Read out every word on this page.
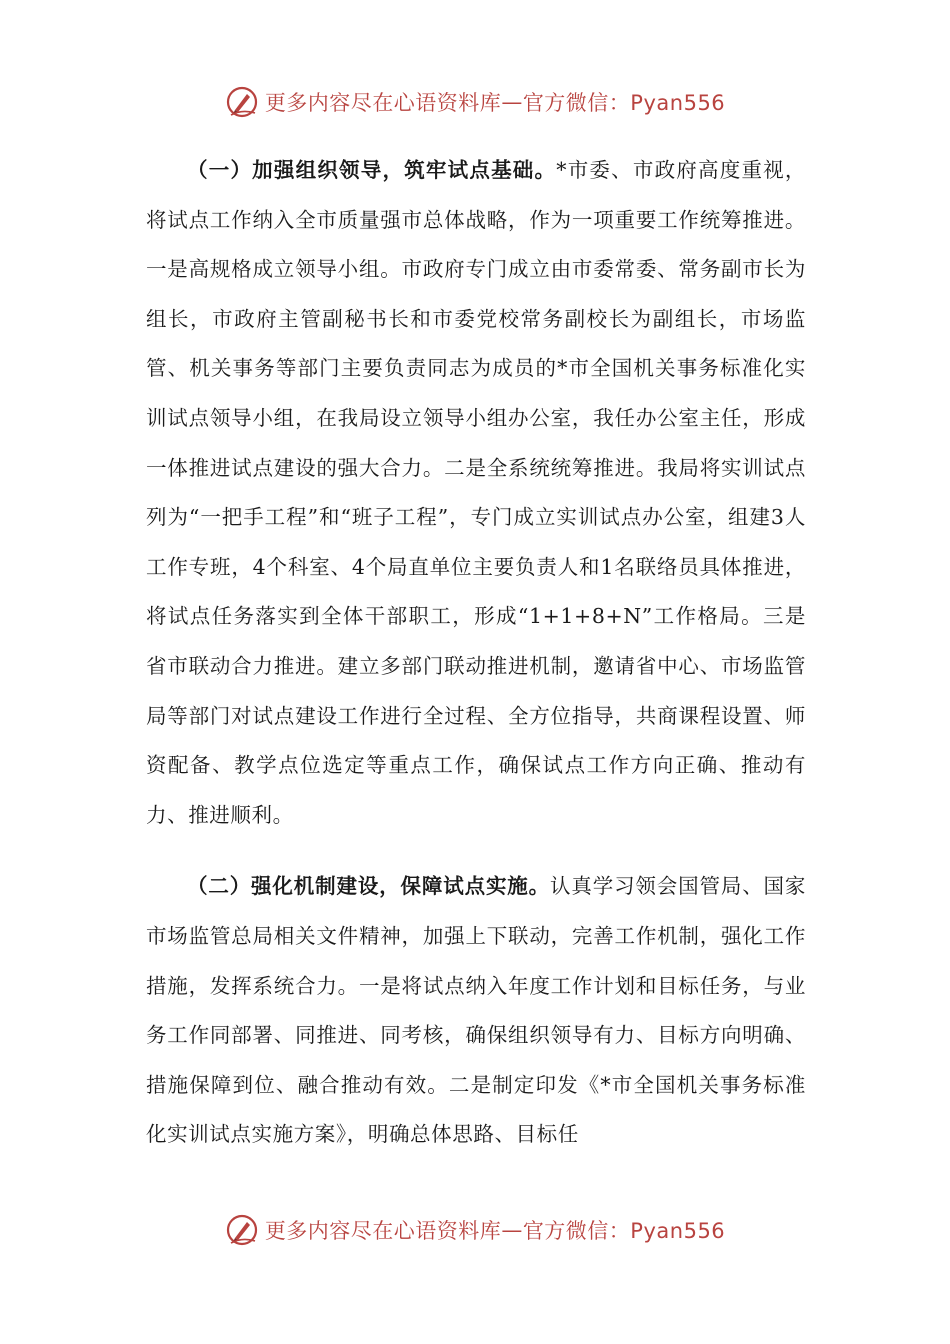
更多内容尽在心语资料库 — 官方微信：Pyan556

（一）加强组织领导，筑牢试点基础。*市委、市政府高度重视，将试点工作纳入全市质量强市总体战略，作为一项重要工作统筹推进。一是高规格成立领导小组。市政府专门成立由市委常委、常务副市长为组长，市政府主管副秘书长和市委党校常务副校长为副组长，市场监管、机关事务等部门主要负责同志为成员的*市全国机关事务标准化实训试点领导小组，在我局设立领导小组办公室，我任办公室主任，形成一体推进试点建设的强大合力。二是全系统统筹推进。我局将实训试点列为“一把手工程”和“班子工程”，专门成立实训试点办公室，组建3人工作专班，4个科室、4个局直单位主要负责人和1名联络员具体推进，将试点任务落实到全体干部职工，形成“1+1+8+N”工作格局。三是省市联动合力推进。建立多部门联动推进机制，邀请省中心、市场监管局等部门对试点建设工作进行全过程、全方位指导，共商课程设置、师资配备、教学点位选定等重点工作，确保试点工作方向正确、推动有力、推进顺利。

（二）强化机制建设，保障试点实施。认真学习领会国管局、国家市场监管总局相关文件精神，加强上下联动，完善工作机制，强化工作措施，发挥系统合力。一是将试点纳入年度工作计划和目标任务，与业务工作同部署、同推进、同考核，确保组织领导有力、目标方向明确、措施保障到位、融合推动有效。二是制定印发《*市全国机关事务标准化实训试点实施方案》，明确总体思路、目标任

更多内容尽在心语资料库 — 官方微信：Pyan556
